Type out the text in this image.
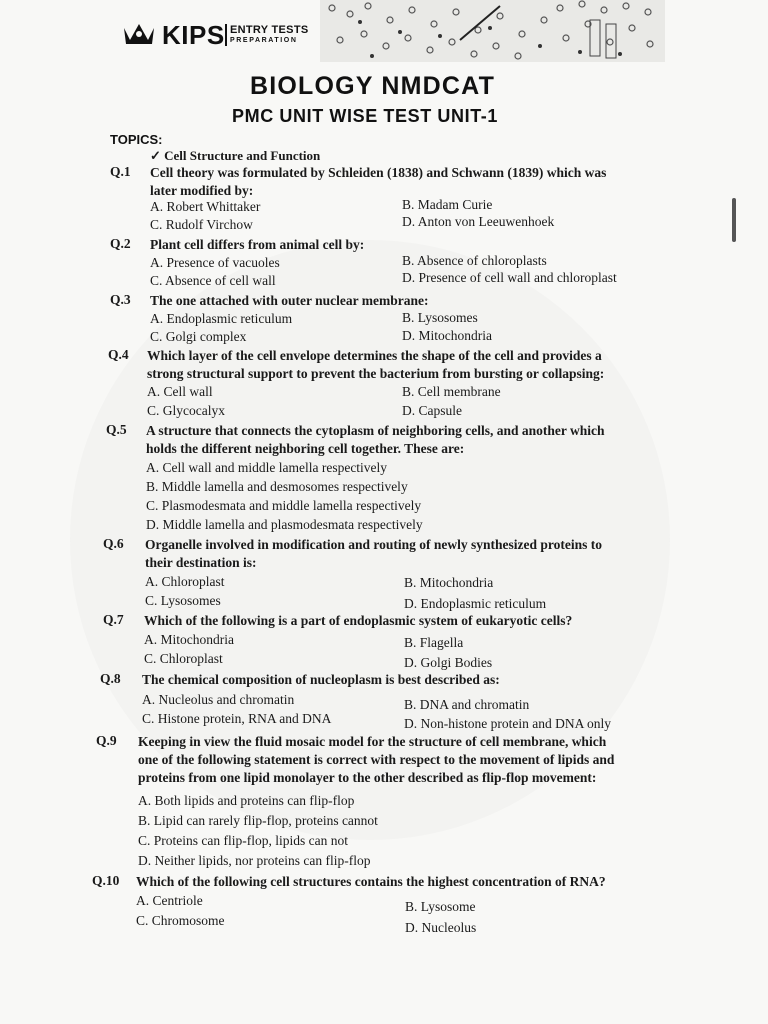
KIPS ENTRY TESTS
PREPARATION
BIOLOGY NMDCAT
PMC UNIT WISE TEST UNIT-1
TOPICS:
✓ Cell Structure and Function
Q.1 Cell theory was formulated by Schleiden (1838) and Schwann (1839) which was
later modified by:
A. Robert Whittaker	B. Madam Curie
C. Rudolf Virchow	D. Anton von Leeuwenhoek
Q.2 Plant cell differs from animal cell by:
A. Presence of vacuoles	B. Absence of chloroplasts
C. Absence of cell wall	D. Presence of cell wall and chloroplast
Q.3 The one attached with outer nuclear membrane:
A. Endoplasmic reticulum	B. Lysosomes
C. Golgi complex	D. Mitochondria
Q.4 Which layer of the cell envelope determines the shape of the cell and provides a
strong structural support to prevent the bacterium from bursting or collapsing:
A. Cell wall	B. Cell membrane
C. Glycocalyx	D. Capsule
Q.5 A structure that connects the cytoplasm of neighboring cells, and another which
holds the different neighboring cell together. These are:
A. Cell wall and middle lamella respectively
B. Middle lamella and desmosomes respectively
C. Plasmodesmata and middle lamella respectively
D. Middle lamella and plasmodesmata respectively
Q.6 Organelle involved in modification and routing of newly synthesized proteins to
their destination is:
A. Chloroplast	B. Mitochondria
C. Lysosomes	D. Endoplasmic reticulum
Q.7 Which of the following is a part of endoplasmic system of eukaryotic cells?
A. Mitochondria	B. Flagella
C. Chloroplast	D. Golgi Bodies
Q.8 The chemical composition of nucleoplasm is best described as:
A. Nucleolus and chromatin	B. DNA and chromatin
C. Histone protein, RNA and DNA	D. Non-histone protein and DNA only
Q.9 Keeping in view the fluid mosaic model for the structure of cell membrane, which
one of the following statement is correct with respect to the movement of lipids and
proteins from one lipid monolayer to the other described as flip-flop movement:
A. Both lipids and proteins can flip-flop
B. Lipid can rarely flip-flop, proteins cannot
C. Proteins can flip-flop, lipids can not
D. Neither lipids, nor proteins can flip-flop
Q.10 Which of the following cell structures contains the highest concentration of RNA?
A. Centriole	B. Lysosome
C. Chromosome	D. Nucleolus
